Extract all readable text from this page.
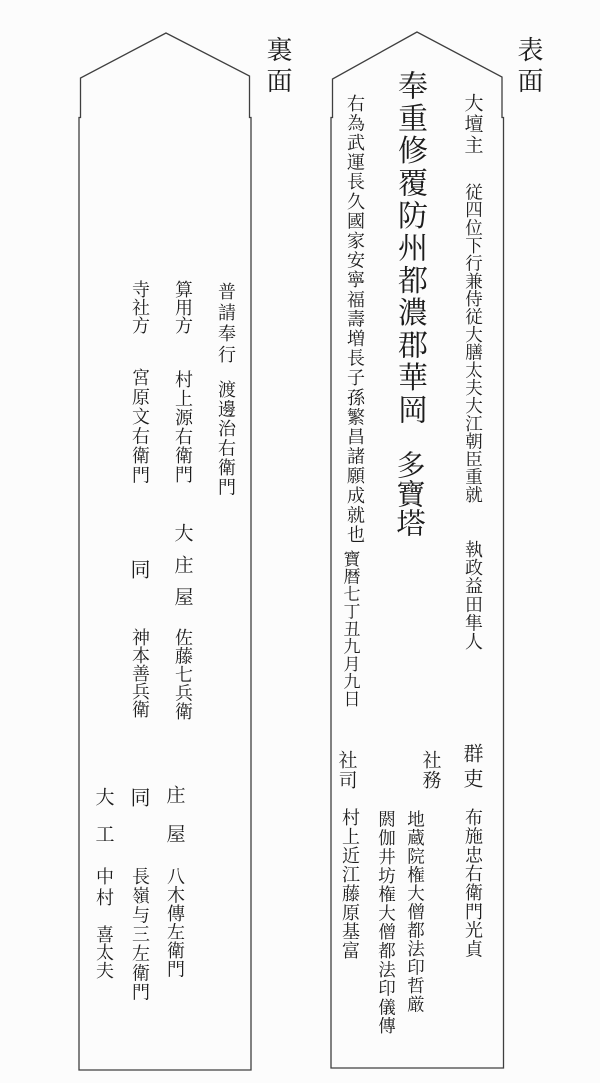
表面
大壇主
従四位下行兼侍従大膳太夫大江朝臣重就
執政益田隼人
群吏
布施忠右衛門光貞
奉重修覆防州都濃郡華岡
多寶塔
右為武運長久國家安寧福壽増長子孫繁昌諸願成就也
寶暦七丁丑九月九日
社司
村上近江藤原基富
社務
地蔵院権大僧都法印哲厳
閼伽井坊権大僧都法印儀傳
裏面
普請奉行
渡邊治右衛門
算用方
村上源右衛門
大庄屋
佐藤七兵衛
寺社方
宮原文右衛門
同
神本善兵衛
庄屋
八木傳左衛門
同
長嶺与三左衛門
大工
中村
喜太夫
